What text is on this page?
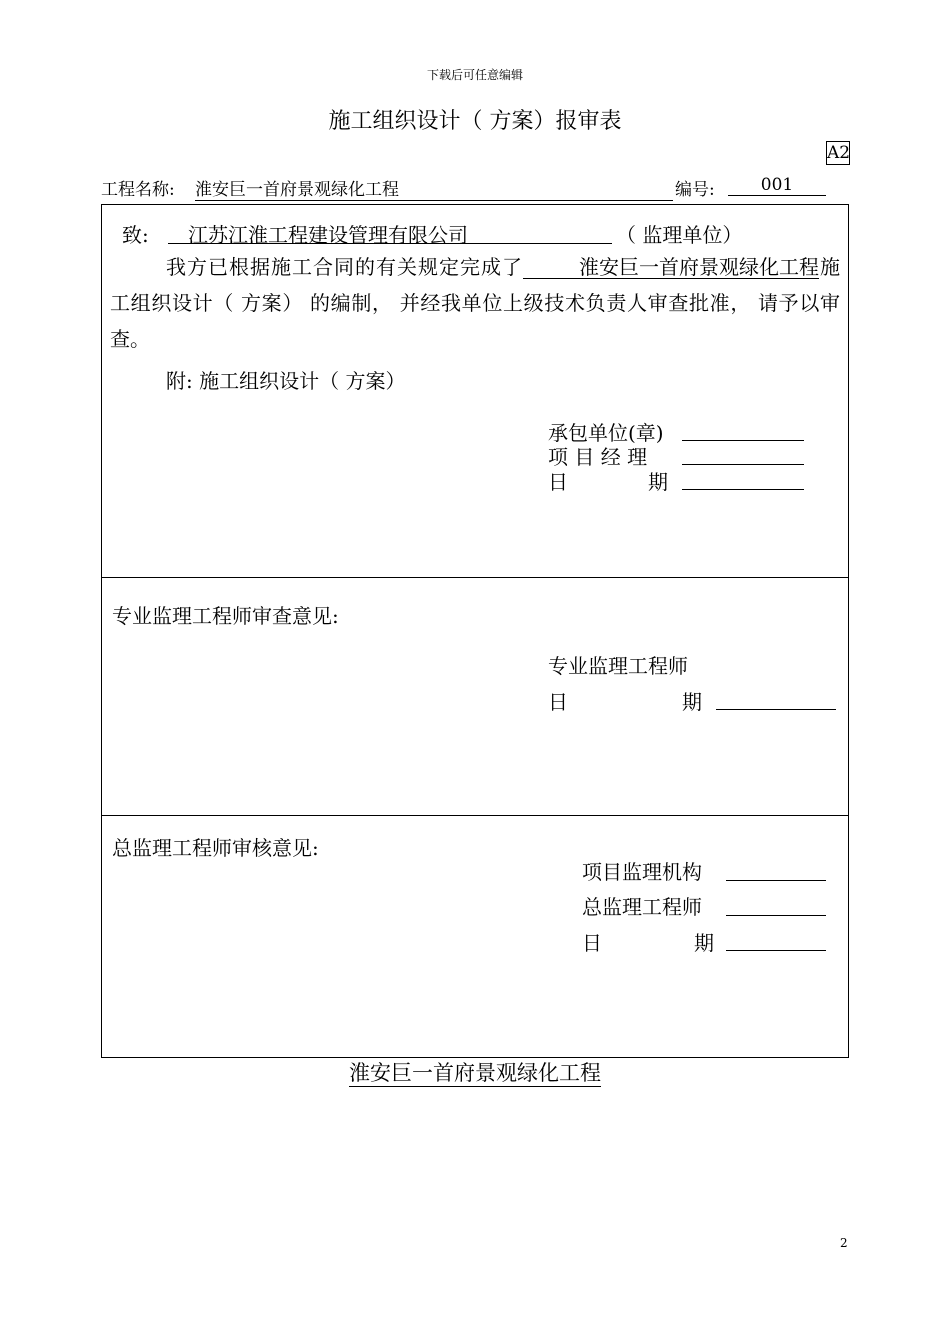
下载后可任意编辑
施工组织设计（ 方案）报审表
A2
工程名称: 淮安巨一首府景观绿化工程	编号:	001
致:	江苏江淮工程建设管理有限公司	（ 监理单位）
我方已根据施工合同的有关规定完成了	淮安巨一首府景观绿化工程施工组织设计（ 方案） 的编制， 并经我单位上级技术负责人审查批准， 请予以审查。
附: 施工组织设计（ 方案）
承包单位(章)
项 目 经 理
日	期
专业监理工程师审查意见:
专业监理工程师
日	期
总监理工程师审核意见:
项目监理机构
总监理工程师
日	期
淮安巨一首府景观绿化工程
2
